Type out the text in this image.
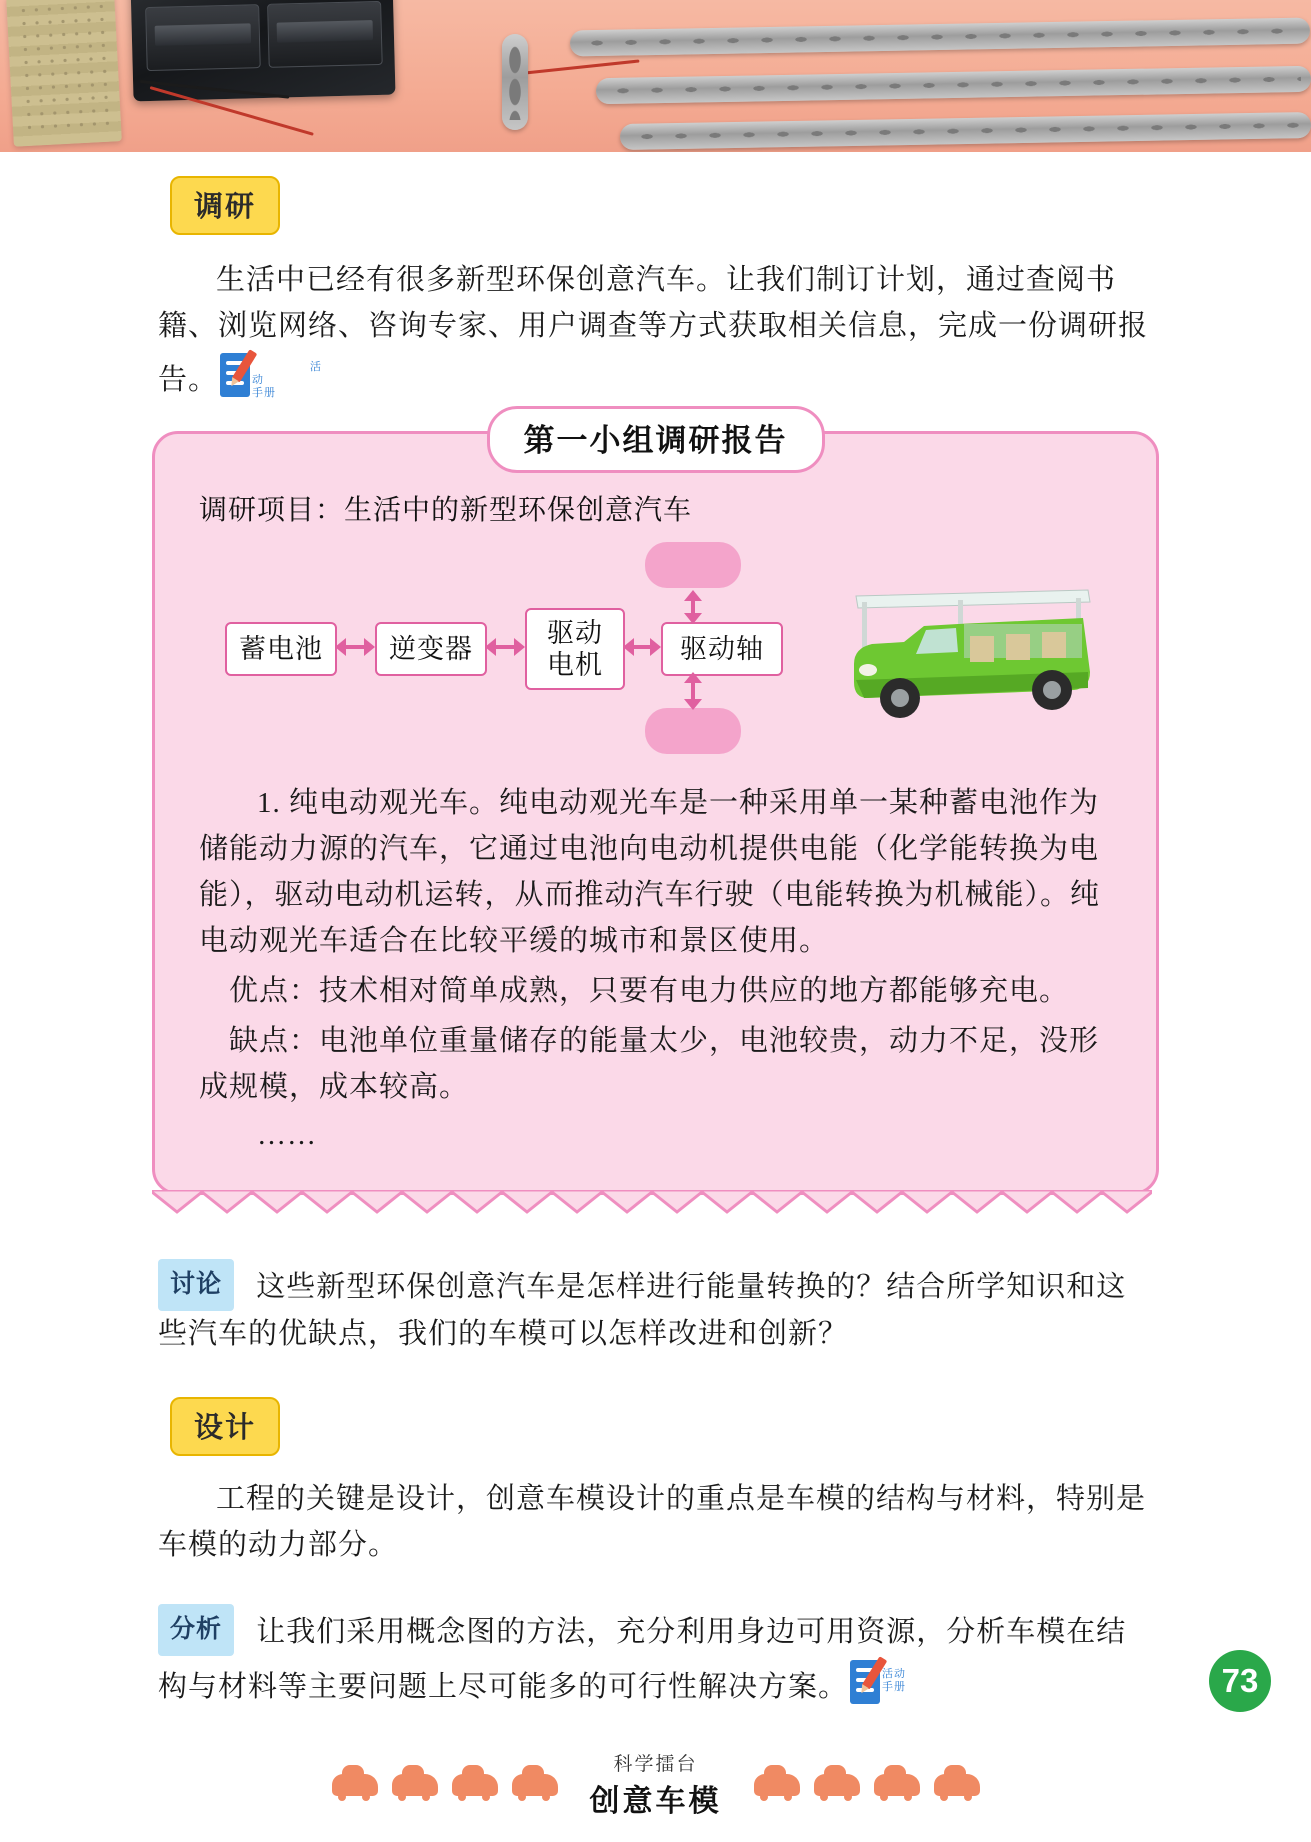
调研
生活中已经有很多新型环保创意汽车。让我们制订计划，通过查阅书籍、浏览网络、咨询专家、用户调查等方式获取相关信息，完成一份调研报告。	活动
手册
第一小组调研报告
调研项目：生活中的新型环保创意汽车
蓄电池	逆变器
驱动
电机
驱动轴
1. 纯电动观光车。纯电动观光车是一种采用单一某种蓄电池作为储能动力源的汽车，它通过电池向电动机提供电能（化学能转换为电能），驱动电动机运转，从而推动汽车行驶（电能转换为机械能）。纯电动观光车适合在比较平缓的城市和景区使用。
优点：技术相对简单成熟，只要有电力供应的地方都能够充电。
缺点：电池单位重量储存的能量太少，电池较贵，动力不足，没形成规模，成本较高。
……
讨论 这些新型环保创意汽车是怎样进行能量转换的？结合所学知识和这些汽车的优缺点，我们的车模可以怎样改进和创新？
设计
工程的关键是设计，创意车模设计的重点是车模的结构与材料，特别是车模的动力部分。
分析 让我们采用概念图的方法，充分利用身边可用资源，分析车模在结构与材料等主要问题上尽可能多的可行性解决方案。	活动
手册	73
科学擂台
创意车模
